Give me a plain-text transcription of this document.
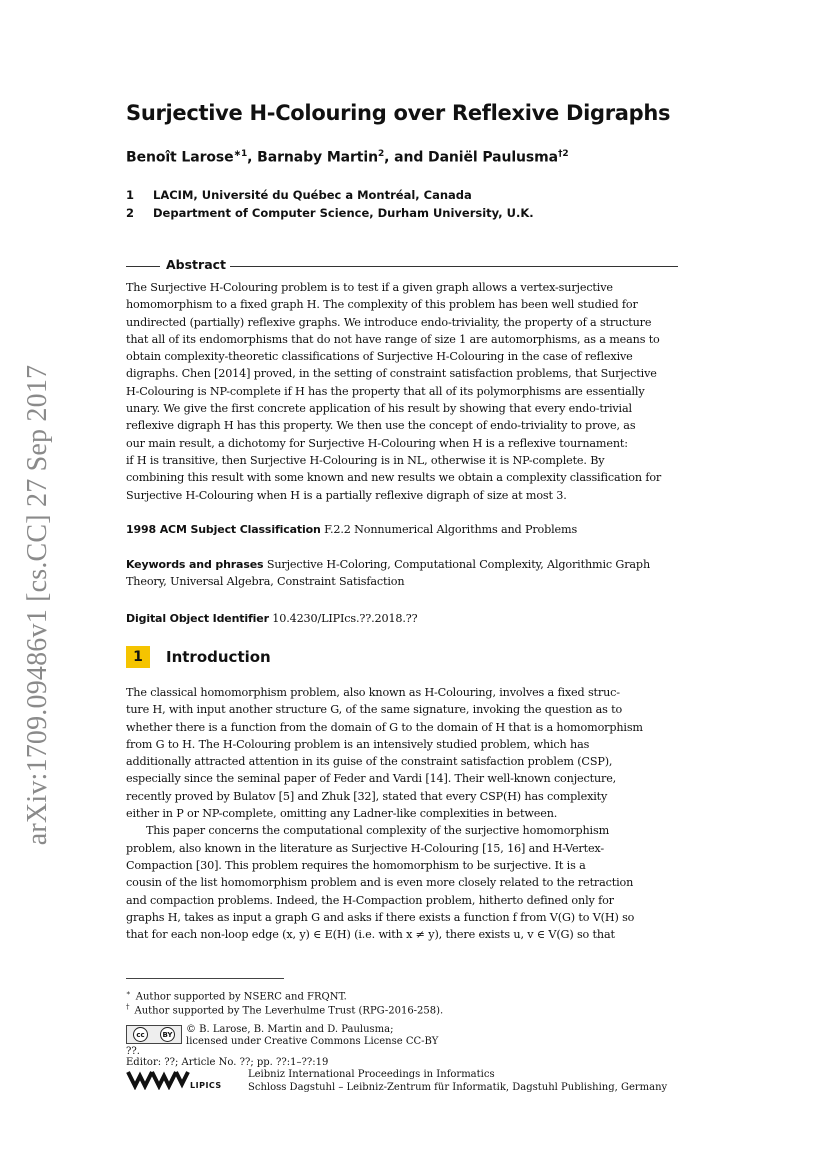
arXiv:1709.09486v1 [cs.CC] 27 Sep 2017
Surjective H-Colouring over Reflexive Digraphs
Benoît Larose$^{∗1}$, Barnaby Martin$^2$, and Daniël Paulusma$^{\dagger 2}$
1 LACIM, Université du Québec a Montréal, Canada
2 Department of Computer Science, Durham University, U.K.
Abstract
The Surjective H-Colouring problem is to test if a given graph allows a vertex-surjective
homomorphism to a fixed graph H. The complexity of this problem has been well studied for
undirected (partially) reflexive graphs. We introduce endo-triviality, the property of a structure
that all of its endomorphisms that do not have range of size 1 are automorphisms, as a means to
obtain complexity-theoretic classifications of Surjective H-Colouring in the case of reflexive
digraphs. Chen [2014] proved, in the setting of constraint satisfaction problems, that Surjective
H-Colouring is NP-complete if H has the property that all of its polymorphisms are essentially
unary. We give the first concrete application of his result by showing that every endo-trivial
reflexive digraph H has this property. We then use the concept of endo-triviality to prove, as
our main result, a dichotomy for Surjective H-Colouring when H is a reflexive tournament:
if H is transitive, then Surjective H-Colouring is in NL, otherwise it is NP-complete. By
combining this result with some known and new results we obtain a complexity classification for
Surjective H-Colouring when H is a partially reflexive digraph of size at most 3.
1998 ACM Subject Classification F.2.2 Nonnumerical Algorithms and Problems
Keywords and phrases Surjective H-Coloring, Computational Complexity, Algorithmic Graph
Theory, Universal Algebra, Constraint Satisfaction
Digital Object Identifier 10.4230/LIPIcs.??.2018.??
1	Introduction
The classical homomorphism problem, also known as H-Colouring, involves a fixed struc-
ture H, with input another structure G, of the same signature, invoking the question as to
whether there is a function from the domain of G to the domain of H that is a homomorphism
from G to H. The H-Colouring problem is an intensively studied problem, which has
additionally attracted attention in its guise of the constraint satisfaction problem (CSP),
especially since the seminal paper of Feder and Vardi [14]. Their well-known conjecture,
recently proved by Bulatov [5] and Zhuk [32], stated that every CSP(H) has complexity
either in P or NP-complete, omitting any Ladner-like complexities in between.
This paper concerns the computational complexity of the surjective homomorphism
problem, also known in the literature as Surjective H-Colouring [15, 16] and H-Vertex-
Compaction [30]. This problem requires the homomorphism to be surjective. It is a
cousin of the list homomorphism problem and is even more closely related to the retraction
and compaction problems. Indeed, the H-Compaction problem, hitherto defined only for
graphs H, takes as input a graph G and asks if there exists a function f from V(G) to V(H) so
that for each non-loop edge (x, y) ∈ E(H) (i.e. with x ≠ y), there exists u, v ∈ V(G) so that
∗ Author supported by NSERC and FRQNT.
† Author supported by The Leverhulme Trust (RPG-2016-258).
cc	BY © B. Larose, B. Martin and D. Paulusma;
licensed under Creative Commons License CC-BY
??.
Editor: ??; Article No. ??; pp. ??:1–??:19
LIPICS
Leibniz International Proceedings in Informatics
Schloss Dagstuhl – Leibniz-Zentrum für Informatik, Dagstuhl Publishing, Germany
